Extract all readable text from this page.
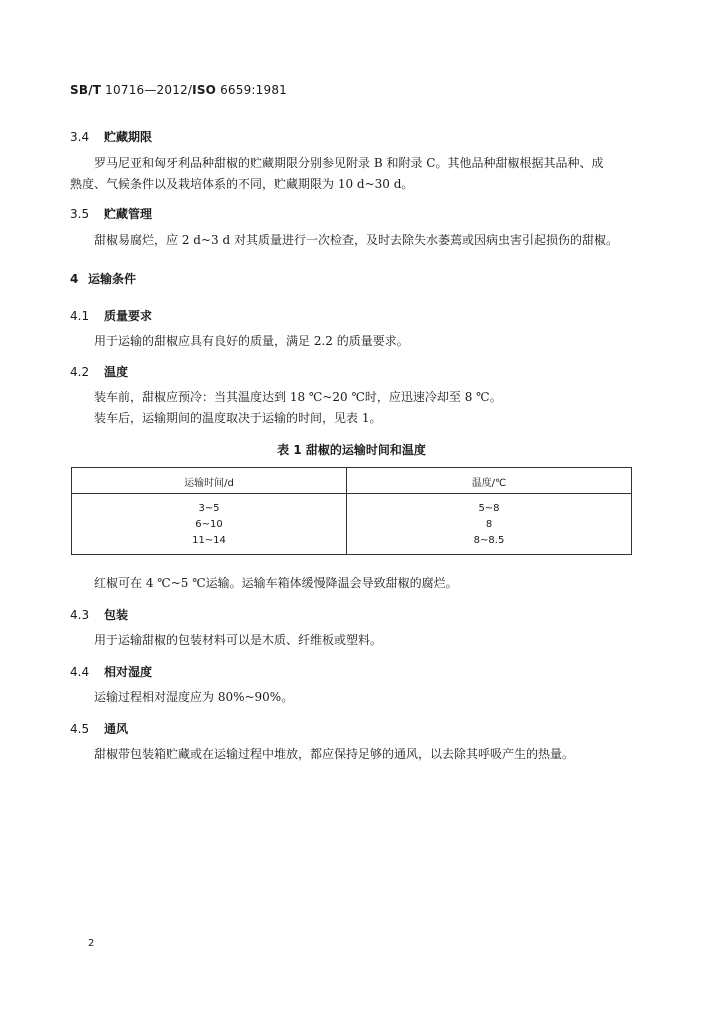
SB/T 10716—2012/ISO 6659:1981
3.4 贮藏期限
罗马尼亚和匈牙利品种甜椒的贮藏期限分别参见附录 B 和附录 C。其他品种甜椒根据其品种、成
熟度、气候条件以及栽培体系的不同，贮藏期限为 10 d~30 d。
3.5 贮藏管理
甜椒易腐烂，应 2 d~3 d 对其质量进行一次检查，及时去除失水萎蔫或因病虫害引起损伤的甜椒。
4 运输条件
4.1 质量要求
用于运输的甜椒应具有良好的质量，满足 2.2 的质量要求。
4.2 温度
装车前，甜椒应预冷：当其温度达到 18 ℃~20 ℃时，应迅速冷却至 8 ℃。
装车后，运输期间的温度取决于运输的时间，见表 1。
表 1 甜椒的运输时间和温度
运输时间/d	温度/℃
3~5	5~8
6~10	8
11~14	8~8.5
红椒可在 4 ℃~5 ℃运输。运输车箱体缓慢降温会导致甜椒的腐烂。
4.3 包装
用于运输甜椒的包装材料可以是木质、纤维板或塑料。
4.4 相对湿度
运输过程相对湿度应为 80%~90%。
4.5 通风
甜椒带包装箱贮藏或在运输过程中堆放，都应保持足够的通风，以去除其呼吸产生的热量。
2
